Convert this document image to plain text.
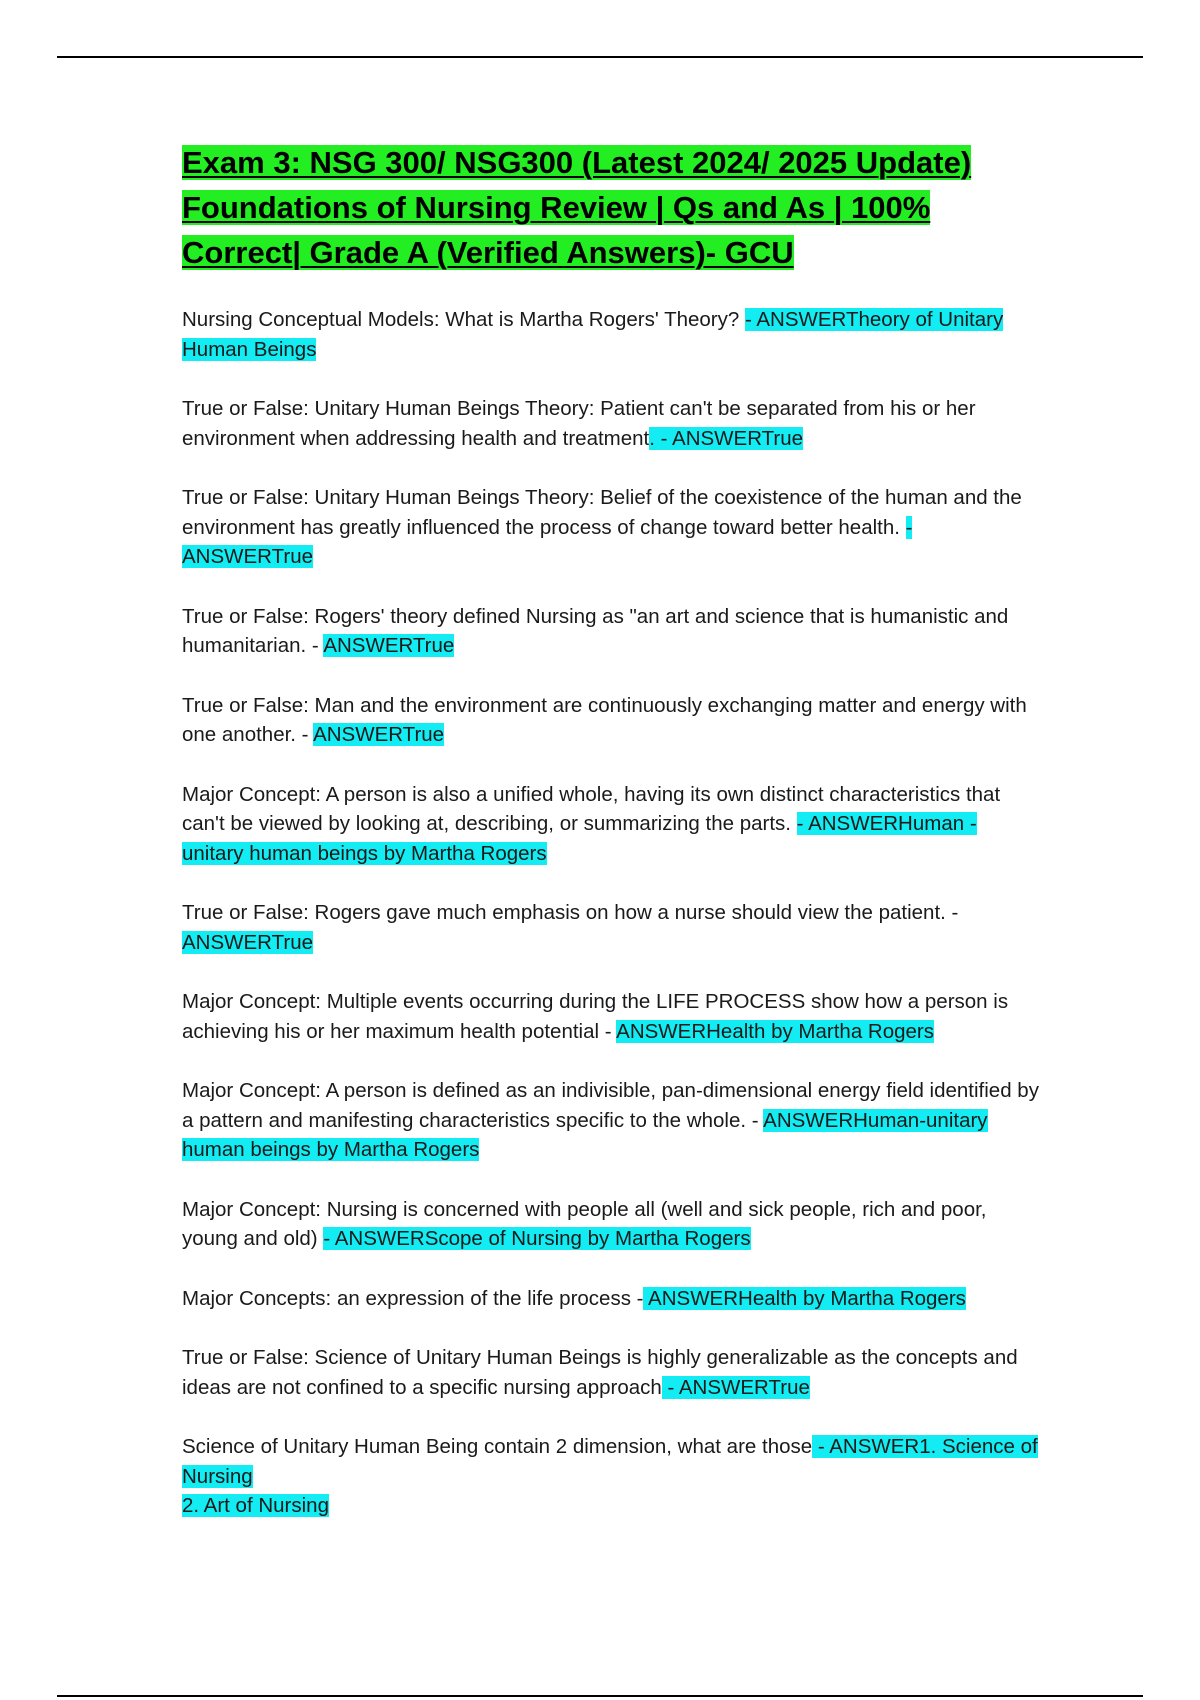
Exam 3: NSG 300/ NSG300 (Latest 2024/ 2025 Update) Foundations of Nursing Review | Qs and As | 100% Correct| Grade A (Verified Answers)- GCU

Nursing Conceptual Models: What is Martha Rogers' Theory? - ANSWERTheory of Unitary Human Beings

True or False: Unitary Human Beings Theory: Patient can't be separated from his or her environment when addressing health and treatment. - ANSWERTrue

True or False: Unitary Human Beings Theory: Belief of the coexistence of the human and the environment has greatly influenced the process of change toward better health. - ANSWERTrue

True or False: Rogers' theory defined Nursing as "an art and science that is humanistic and humanitarian. - ANSWERTrue

True or False: Man and the environment are continuously exchanging matter and energy with one another. - ANSWERTrue

Major Concept: A person is also a unified whole, having its own distinct characteristics that can't be viewed by looking at, describing, or summarizing the parts. - ANSWERHuman - unitary human beings by Martha Rogers

True or False: Rogers gave much emphasis on how a nurse should view the patient. - ANSWERTrue

Major Concept: Multiple events occurring during the LIFE PROCESS show how a person is achieving his or her maximum health potential - ANSWERHealth by Martha Rogers

Major Concept: A person is defined as an indivisible, pan-dimensional energy field identified by a pattern and manifesting characteristics specific to the whole. - ANSWERHuman-unitary human beings by Martha Rogers

Major Concept: Nursing is concerned with people all (well and sick people, rich and poor, young and old) - ANSWERScope of Nursing by Martha Rogers

Major Concepts: an expression of the life process - ANSWERHealth by Martha Rogers

True or False: Science of Unitary Human Beings is highly generalizable as the concepts and ideas are not confined to a specific nursing approach - ANSWERTrue

Science of Unitary Human Being contain 2 dimension, what are those - ANSWER1. Science of Nursing
2. Art of Nursing
